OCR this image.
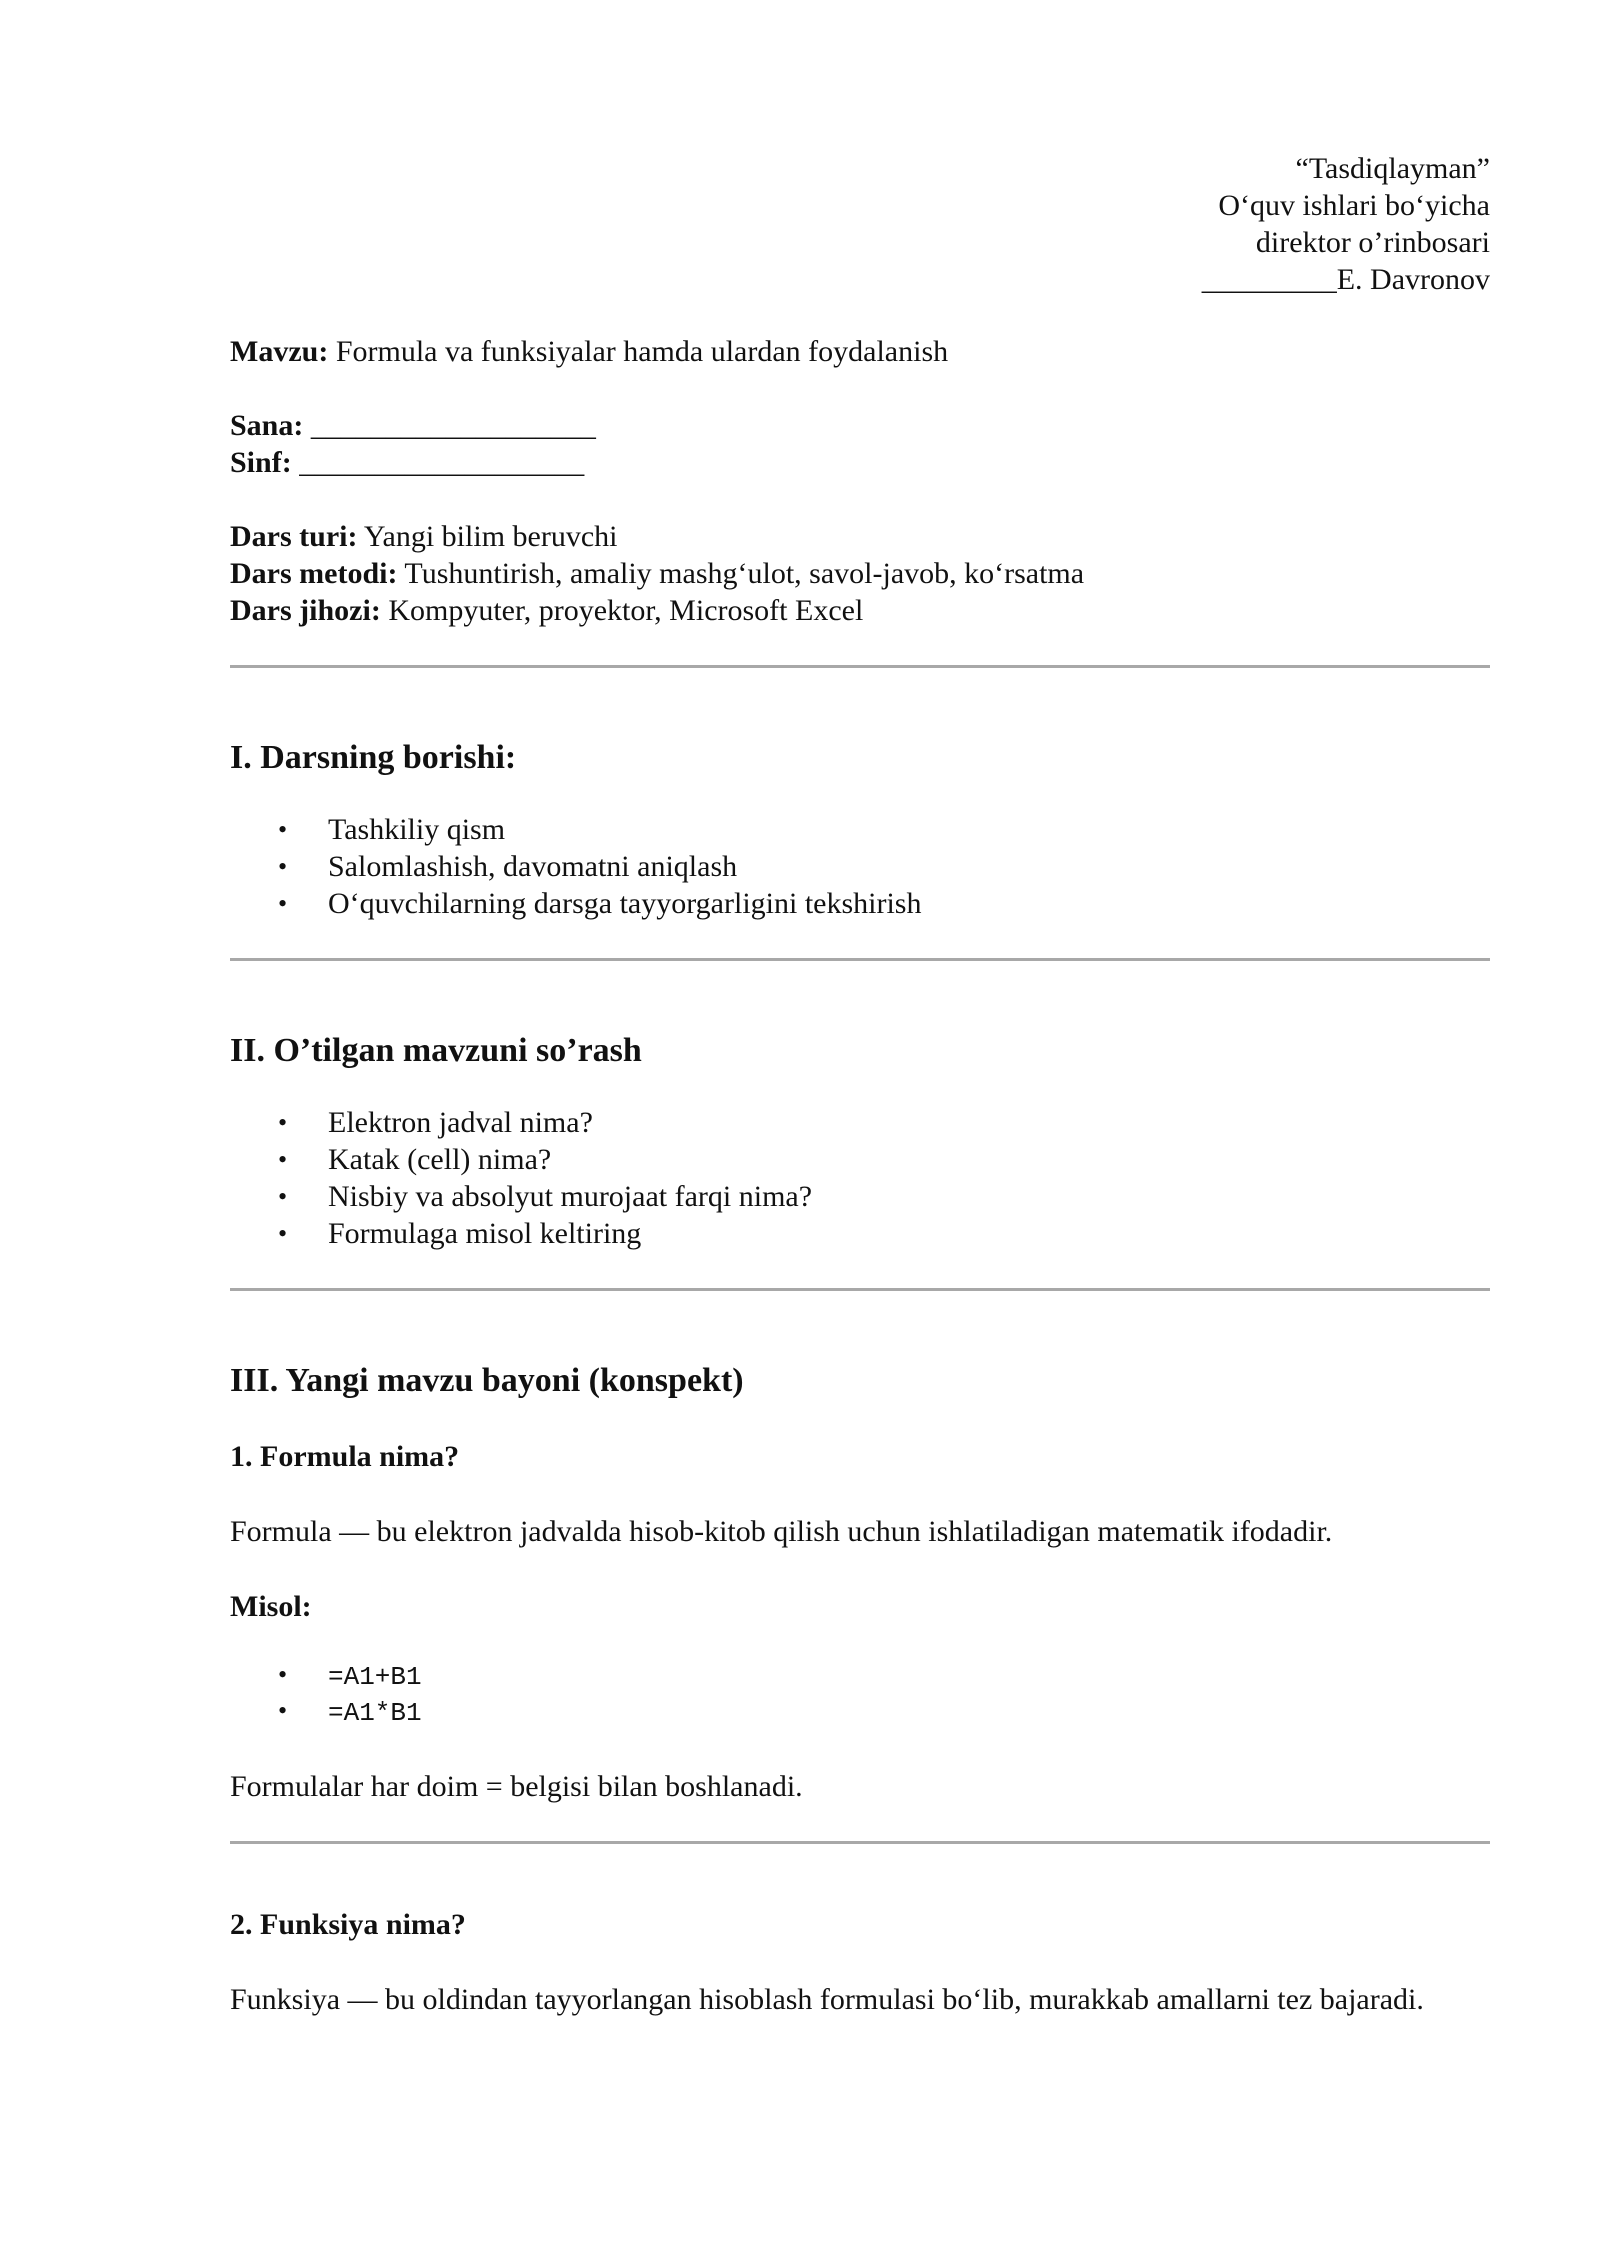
“Tasdiqlayman”
O‘quv ishlari bo‘yicha
direktor o’rinbosari
_________E. Davronov

Mavzu: Formula va funksiyalar hamda ulardan foydalanish

Sana: ___________________

Sinf: ___________________

Dars turi: Yangi bilim beruvchi

Dars metodi: Tushuntirish, amaliy mashg‘ulot, savol-javob, ko‘rsatma

Dars jihozi: Kompyuter, proyektor, Microsoft Excel

I. Darsning borishi:
• Tashkiliy qism
• Salomlashish, davomatni aniqlash
• O‘quvchilarning darsga tayyorgarligini tekshirish
II. O’tilgan mavzuni so’rash
• Elektron jadval nima?
• Katak (cell) nima?
• Nisbiy va absolyut murojaat farqi nima?
• Formulaga misol keltiring
III. Yangi mavzu bayoni (konspekt)
1. Formula nima?

Formula — bu elektron jadvalda hisob-kitob qilish uchun ishlatiladigan matematik ifodadir.

Misol:

• =A1+B1
• =A1*B1

Formulalar har doim = belgisi bilan boshlanadi.

2. Funksiya nima?

Funksiya — bu oldindan tayyorlangan hisoblash formulasi bo‘lib, murakkab amallarni tez bajaradi.
